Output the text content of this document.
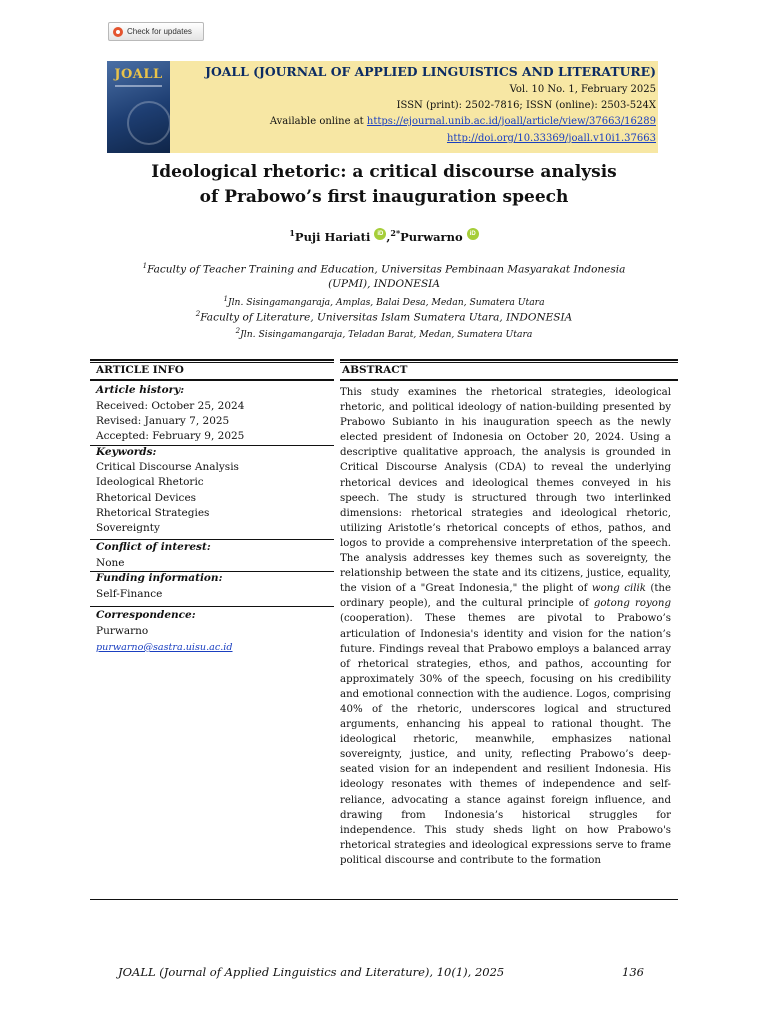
Check for updates
JOALL	JOALL (JOURNAL OF APPLIED LINGUISTICS AND LITERATURE)
Vol. 10 No. 1, February 2025
ISSN (print): 2502-7816; ISSN (online): 2503-524X
Available online at https://ejournal.unib.ac.id/joall/article/view/37663/16289
http://doi.org/10.33369/joall.v10i1.37663
Ideological rhetoric: a critical discourse analysis
of Prabowo’s first inauguration speech
$^1$Puji Hariati iD ,$^{2*}$Purwarno iD
$^1$Faculty of Teacher Training and Education, Universitas Pembinaan Masyarakat Indonesia
(UPMI), INDONESIA
$^1$Jln. Sisingamangaraja, Amplas, Balai Desa, Medan, Sumatera Utara
$^2$Faculty of Literature, Universitas Islam Sumatera Utara, INDONESIA
$^2$Jln. Sisingamangaraja, Teladan Barat, Medan, Sumatera Utara
ARTICLE INFO	ABSTRACT
Article history:
Received: October 25, 2024
Revised: January 7, 2025
Accepted: February 9, 2025
Keywords:
Critical Discourse Analysis
Ideological Rhetoric
Rhetorical Devices
Rhetorical Strategies
Sovereignty
Conflict of interest:
None
Funding information:
Self-Finance
Correspondence:
Purwarno
purwarno@sastra.uisu.ac.id
This study examines the rhetorical strategies, ideological rhetoric, and political ideology of nation-building presented by Prabowo Subianto in his inauguration speech as the newly elected president of Indonesia on October 20, 2024. Using a descriptive qualitative approach, the analysis is grounded in Critical Discourse Analysis (CDA) to reveal the underlying rhetorical devices and ideological themes conveyed in his speech. The study is structured through two interlinked dimensions: rhetorical strategies and ideological rhetoric, utilizing Aristotle’s rhetorical concepts of ethos, pathos, and logos to provide a comprehensive interpretation of the speech. The analysis addresses key themes such as sovereignty, the relationship between the state and its citizens, justice, equality, the vision of a "Great Indonesia," the plight of wong cilik (the ordinary people), and the cultural principle of gotong royong (cooperation). These themes are pivotal to Prabowo’s articulation of Indonesia's identity and vision for the nation’s future. Findings reveal that Prabowo employs a balanced array of rhetorical strategies, ethos, and pathos, accounting for approximately 30% of the speech, focusing on his credibility and emotional connection with the audience. Logos, comprising 40% of the rhetoric, underscores logical and structured arguments, enhancing his appeal to rational thought. The ideological rhetoric, meanwhile, emphasizes national sovereignty, justice, and unity, reflecting Prabowo’s deep-seated vision for an independent and resilient Indonesia. His ideology resonates with themes of independence and self-reliance, advocating a stance against foreign influence, and drawing from Indonesia’s historical struggles for independence. This study sheds light on how Prabowo's rhetorical strategies and ideological expressions serve to frame political discourse and contribute to the formation
JOALL (Journal of Applied Linguistics and Literature), 10(1), 2025	136
